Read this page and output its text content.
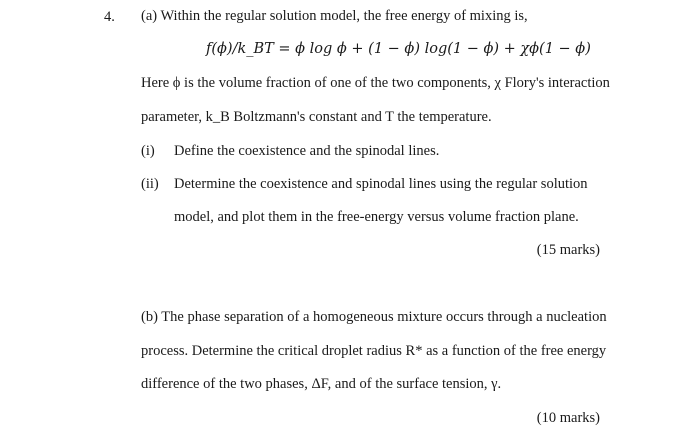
4. (a) Within the regular solution model, the free energy of mixing is,
f(ϕ)/k_BT = ϕ log ϕ + (1 − ϕ) log(1 − ϕ) + χϕ(1 − ϕ)
Here ϕ is the volume fraction of one of the two components, χ Flory's interaction
parameter, k_B Boltzmann's constant and T the temperature.
(i) Define the coexistence and the spinodal lines.
(ii) Determine the coexistence and spinodal lines using the regular solution
model, and plot them in the free-energy versus volume fraction plane.
(15 marks)
(b) The phase separation of a homogeneous mixture occurs through a nucleation
process. Determine the critical droplet radius R* as a function of the free energy
difference of the two phases, ΔF, and of the surface tension, γ.
(10 marks)
